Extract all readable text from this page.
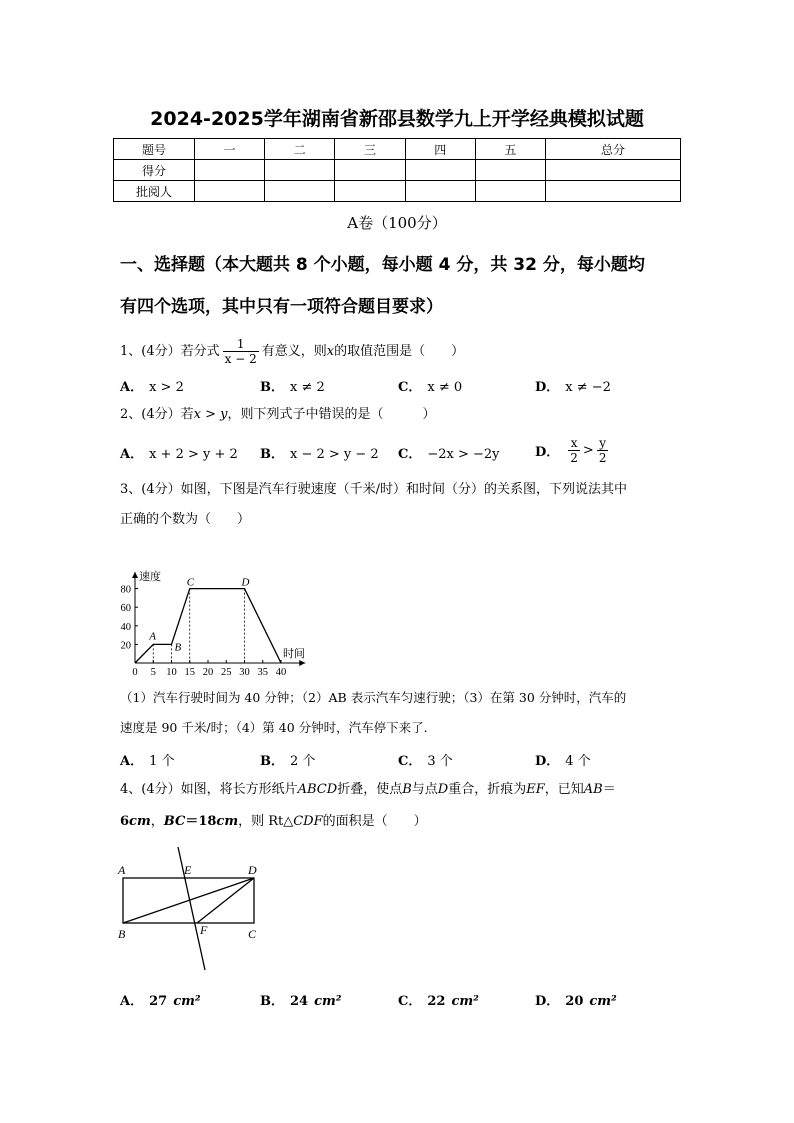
2024-2025学年湖南省新邵县数学九上开学经典模拟试题
题号	一	二	三	四	五	总分
得分						
批阅人						
A卷（100分）
一、选择题（本大题共 8 个小题，每小题 4 分，共 32 分，每小题均
有四个选项，其中只有一项符合题目要求）
1、(4分）若分式 $\frac{1}{x - 2}$ 有意义，则x的取值范围是（　　）
A． x > 2	B． x ≠ 2	C． x ≠ 0	D． x ≠ −2
2、(4分）若x > y，则下列式子中错误的是（　　　）
A． x + 2 > y + 2 B． x − 2 > y − 2 C． −2x > −2y	D． $\frac{x}{2} > \frac{y}{2}$
3、(4分）如图，下图是汽车行驶速度（千米/时）和时间（分）的关系图，下列说法其中
正确的个数为（　　）
速度
时间
0 5 10 15 20 25 30 35 40
20
40
60
80
A
B
C	D
（1）汽车行驶时间为 40 分钟；（2）AB 表示汽车匀速行驶；（3）在第 30 分钟时，汽车的
速度是 90 千米/时；（4）第 40 分钟时，汽车停下来了.
A． 1 个	B． 2 个	C． 3 个	D． 4 个
4、(4分）如图，将长方形纸片ABCD折叠，使点B与点D重合，折痕为EF，已知AB＝
6cm，BC＝18cm，则 Rt△CDF的面积是（　　）
A	E	D
B	F	C
A． 27 cm²	B． 24 cm²	C． 22 cm²	D． 20 cm²
